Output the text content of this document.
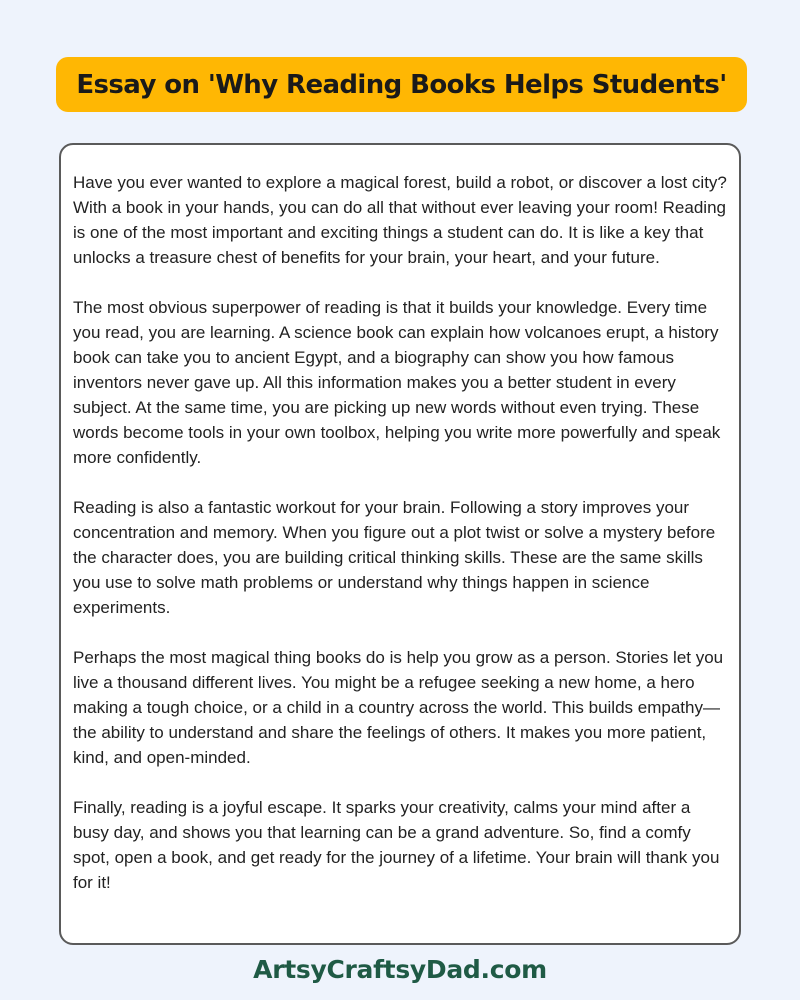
Essay on 'Why Reading Books Helps Students'

Have you ever wanted to explore a magical forest, build a robot, or discover a lost city? With a book in your hands, you can do all that without ever leaving your room! Reading is one of the most important and exciting things a student can do. It is like a key that unlocks a treasure chest of benefits for your brain, your heart, and your future.

The most obvious superpower of reading is that it builds your knowledge. Every time you read, you are learning. A science book can explain how volcanoes erupt, a history book can take you to ancient Egypt, and a biography can show you how famous inventors never gave up. All this information makes you a better student in every subject. At the same time, you are picking up new words without even trying. These words become tools in your own toolbox, helping you write more powerfully and speak more confidently.

Reading is also a fantastic workout for your brain. Following a story improves your concentration and memory. When you figure out a plot twist or solve a mystery before the character does, you are building critical thinking skills. These are the same skills you use to solve math problems or understand why things happen in science experiments.

Perhaps the most magical thing books do is help you grow as a person. Stories let you live a thousand different lives. You might be a refugee seeking a new home, a hero making a tough choice, or a child in a country across the world. This builds empathy—the ability to understand and share the feelings of others. It makes you more patient, kind, and open-minded.

Finally, reading is a joyful escape. It sparks your creativity, calms your mind after a busy day, and shows you that learning can be a grand adventure. So, find a comfy spot, open a book, and get ready for the journey of a lifetime. Your brain will thank you for it!

ArtsyCraftsyDad.com
